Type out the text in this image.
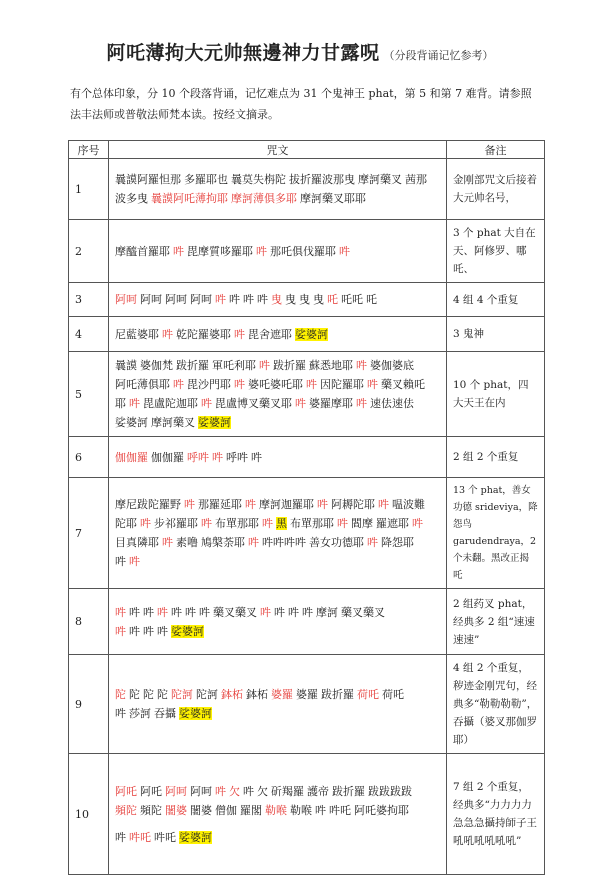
阿吒薄拘大元帅無邊神力甘露呪 （分段背诵记忆参考）
有个总体印象，分 10 个段落背诵，记忆难点为 31 个鬼神王 phat，第 5 和第 7 难背。请参照法丰法师或普敬法师梵本读。按经文摘录。
序号	咒文	备注
1	曩謨阿羅怛那 多羅耶也 曩莫失栴陀 拔折羅波那曳 摩訶藥叉 茜那
波多曳 曩謨阿吒薄拘耶 摩訶薄俱多耶 摩訶藥叉耶耶	金刚部咒文后接着大元帅名号，
2	摩醯首羅耶 吽 毘摩質哆羅耶 吽 那吒俱伐羅耶 吽	3 个 phat 大自在天、阿修罗、哪吒、
3	阿呵 阿呵 阿呵 阿呵 吽 吽 吽 吽 曳 曳 曳 曳 吒 吒吒 吒	4 组 4 个重复
4	尼藍婆耶 吽 乾陀羅婆耶 吽 毘舍遮耶 娑婆訶	3 鬼神
5	曩謨 婆伽梵 跋折羅 軍吒利耶 吽 跋折羅 蘇悉地耶 吽 婆伽婆底
阿吒薄俱耶 吽 毘沙門耶 吽 婆吒婆吒耶 吽 因陀羅耶 吽 藥叉賴吒
耶 吽 毘盧陀迦耶 吽 毘盧博叉藥叉耶 吽 婆羅摩耶 吽 速佉速佉
娑婆訶 摩訶藥叉 娑婆訶	10 个 phat，四大天王在内
6	伽伽羅 伽伽羅 呼吽 吽 呼吽 吽	2 组 2 个重复
7	摩尼跋陀羅野 吽 那羅延耶 吽 摩訶迦羅耶 吽 阿耨陀耶 吽 嗢波難
陀耶 吽 步祁羅耶 吽 布單那耶 吽 黑 布單那耶 吽 閻摩 羅遮耶 吽
目真隣耶 吽 素噜 鳩槃荼耶 吽 吽吽吽吽 善女功德耶 吽 降怨耶
吽 吽	13 个 phat，善女功德 srideviya，降怨鸟 garudendraya，2 个未翻。黑改正揭吒
8	吽 吽 吽 吽 吽 吽 吽 藥叉藥叉 吽 吽 吽 吽 摩訶 藥叉藥叉
吽 吽 吽 吽 娑婆訶	2 组药叉 phat，经典多 2 组“速速速速”
9	陀 陀 陀 陀 陀訶 陀訶 鉢柘 鉢柘 婆羅 婆羅 跋折羅 荷吒 荷吒
吽 莎訶 吞攝 娑婆訶	4 组 2 个重复，秽迹金刚咒句，经典多“勒勒勒勒”，吞攝（婆叉那伽罗耶）
10	阿吒 阿吒 阿呵 阿呵 吽 欠 吽 欠 斫羯羅 護帝 跋折羅 跋跋跋跋
頻陀 頻陀 闍婆 闍婆 僧伽 羅閣 勒喉 勒喉 吽 吽吒 阿吒婆拘耶
吽 吽吒 吽吒 娑婆訶	7 组 2 个重复，经典多“力力力力急急急攝持師子王吼吼吼吼吼吼”
